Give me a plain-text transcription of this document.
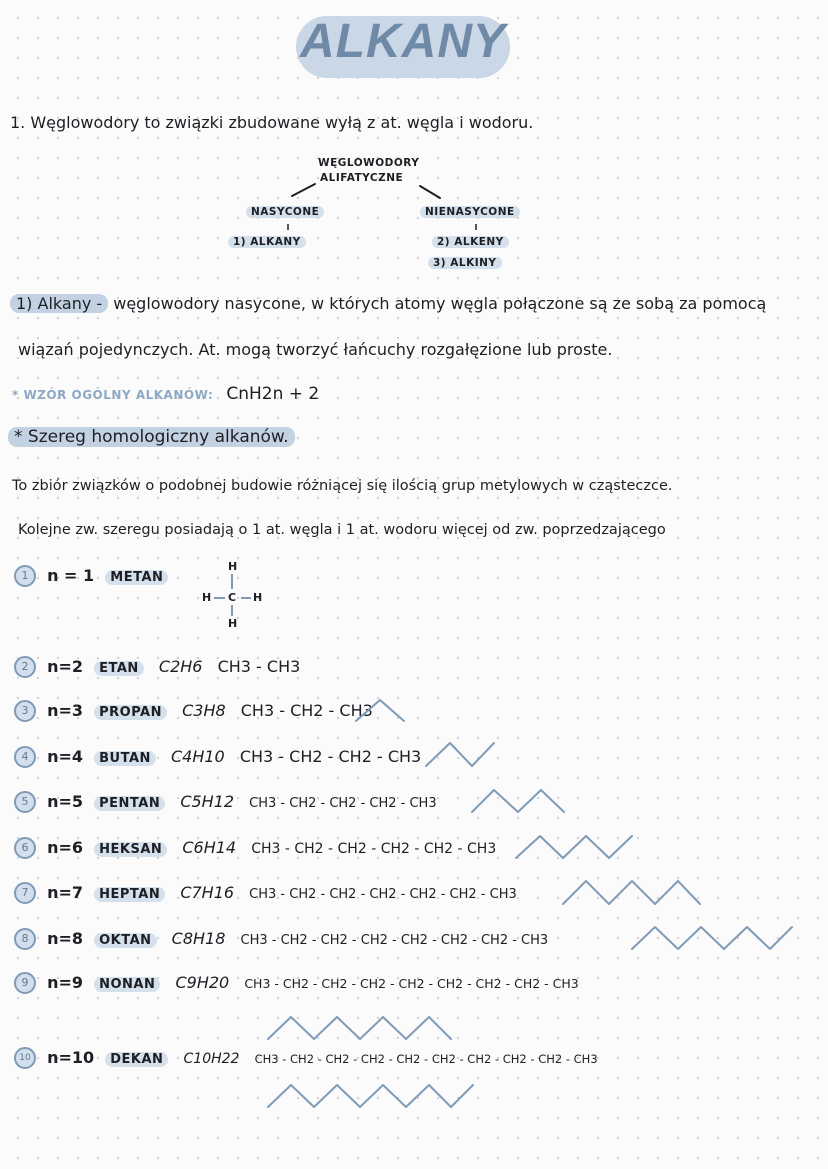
ALKANY
1. Węglowodory to związki zbudowane wyłą z at. węgla i wodoru.
WĘGLOWODORY
ALIFATYCZNE
NASYCONE	NIENASYCONE
1) ALKANY	2) ALKENY
3) ALKINY
1) Alkany - węglowodory nasycone, w których atomy węgla połączone są ze sobą za pomocą
wiązań pojedynczych. At. mogą tworzyć łańcuchy rozgałęzione lub proste.
* WZÓR OGÓLNY ALKANÓW: CnH2n + 2
* Szereg homologiczny alkanów.
To zbiór związków o podobnej budowie różniącej się ilością grup metylowych w cząsteczce.
Kolejne zw. szeregu posiadają o 1 at. węgla i 1 at. wodoru więcej od zw. poprzedzającego
1 n = 1 METAN
H
H C H
H
2 n=2 ETAN C2H6 CH3 - CH3
3 n=3 PROPAN C3H8 CH3 - CH2 - CH3
4 n=4 BUTAN C4H10 CH3 - CH2 - CH2 - CH3
5 n=5 PENTAN C5H12 CH3 - CH2 - CH2 - CH2 - CH3
6 n=6 HEKSAN C6H14 CH3 - CH2 - CH2 - CH2 - CH2 - CH3
7 n=7 HEPTAN C7H16 CH3 - CH2 - CH2 - CH2 - CH2 - CH2 - CH3
8 n=8 OKTAN C8H18 CH3 - CH2 - CH2 - CH2 - CH2 - CH2 - CH2 - CH3
9 n=9 NONAN C9H20 CH3 - CH2 - CH2 - CH2 - CH2 - CH2 - CH2 - CH2 - CH3
10 n=10 DEKAN C10H22 CH3 - CH2 - CH2 - CH2 - CH2 - CH2 - CH2 - CH2 - CH2 - CH3
